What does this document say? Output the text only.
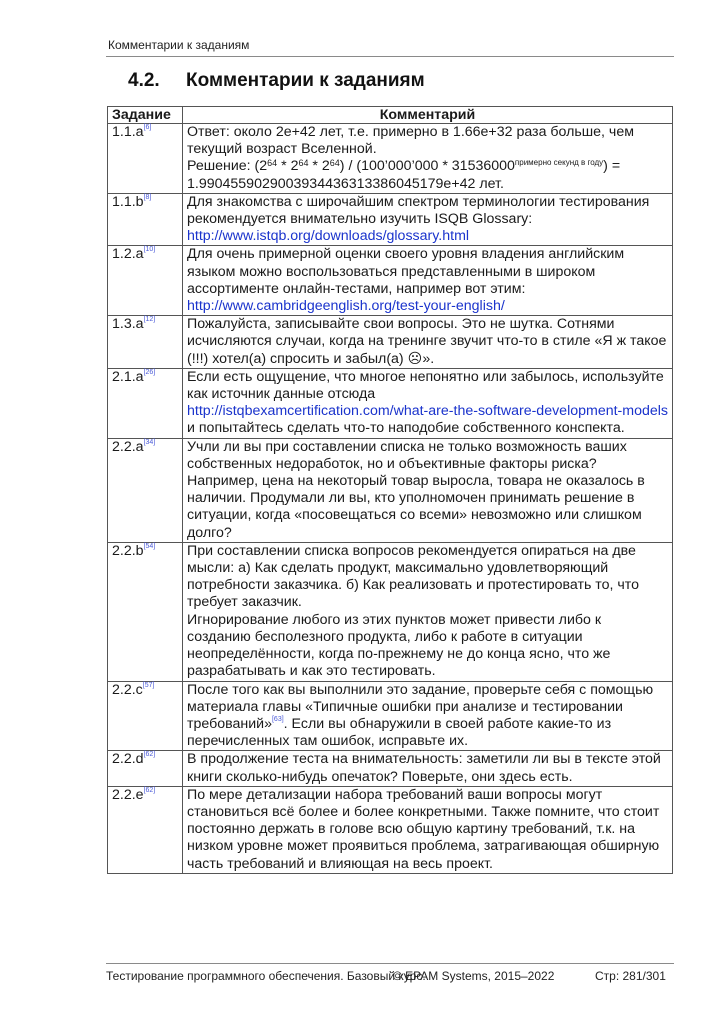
Комментарии к заданиям
4.2. Комментарии к заданиям
Задание	Комментарий
1.1.a[6]	Ответ: около 2e+42 лет, т.е. примерно в 1.66e+32 раза больше, чем текущий возраст Вселенной.
Решение: $(2^{64} * 2^{64} * 2^{64})$ / (100’000’000 * 31536000$^{примерно секунд в году}$) =
1.9904559029003934436313386045179e+42 лет.

1.1.b[8]	Для знакомства с широчайшим спектром терминологии тестирования рекомендуется внимательно изучить ISQB Glossary:
http://www.istqb.org/downloads/glossary.html
1.2.a[10]	Для очень примерной оценки своего уровня владения английским языком можно воспользоваться представленными в широком ассортименте онлайн-тестами, например вот этим:
http://www.cambridgeenglish.org/test-your-english/
1.3.a[12]	Пожалуйста, записывайте свои вопросы. Это не шутка. Сотнями исчисляются случаи, когда на тренинге звучит что-то в стиле «Я ж такое (!!!) хотел(а) спросить и забыл(а) ☹».
2.1.a[26]	Если есть ощущение, что многое непонятно или забылось, используйте как источник данные отсюда
http://istqbexamcertification.com/what-are-the-software-development-models и попытайтесь сделать что-то наподобие собственного конспекта.
2.2.a[34]	Учли ли вы при составлении списка не только возможность ваших собственных недоработок, но и объективные факторы риска? Например, цена на некоторый товар выросла, товара не оказалось в наличии. Продумали ли вы, кто уполномочен принимать решение в ситуации, когда «посовещаться со всеми» невозможно или слишком долго?
2.2.b[54]	При составлении списка вопросов рекомендуется опираться на две мысли: а) Как сделать продукт, максимально удовлетворяющий потребности заказчика. б) Как реализовать и протестировать то, что требует заказчик.
Игнорирование любого из этих пунктов может привести либо к созданию бесполезного продукта, либо к работе в ситуации неопределённости, когда по-прежнему не до конца ясно, что же разрабатывать и как это тестировать.

2.2.c[57]	После того как вы выполнили это задание, проверьте себя с помощью материала главы «Типичные ошибки при анализе и тестировании требований»[63]. Если вы обнаружили в своей работе какие-то из перечисленных там ошибок, исправьте их.
2.2.d[62]	В продолжение теста на внимательность: заметили ли вы в тексте этой книги сколько-нибудь опечаток? Поверьте, они здесь есть.
2.2.e[62]	По мере детализации набора требований ваши вопросы могут становиться всё более и более конкретными. Также помните, что стоит постоянно держать в голове всю общую картину требований, т.к. на низком уровне может проявиться проблема, затрагивающая обширную часть требований и влияющая на весь проект.
Тестирование программного обеспечения. Базовый курс.
© EPAM Systems, 2015–2022	Стр: 281/301
